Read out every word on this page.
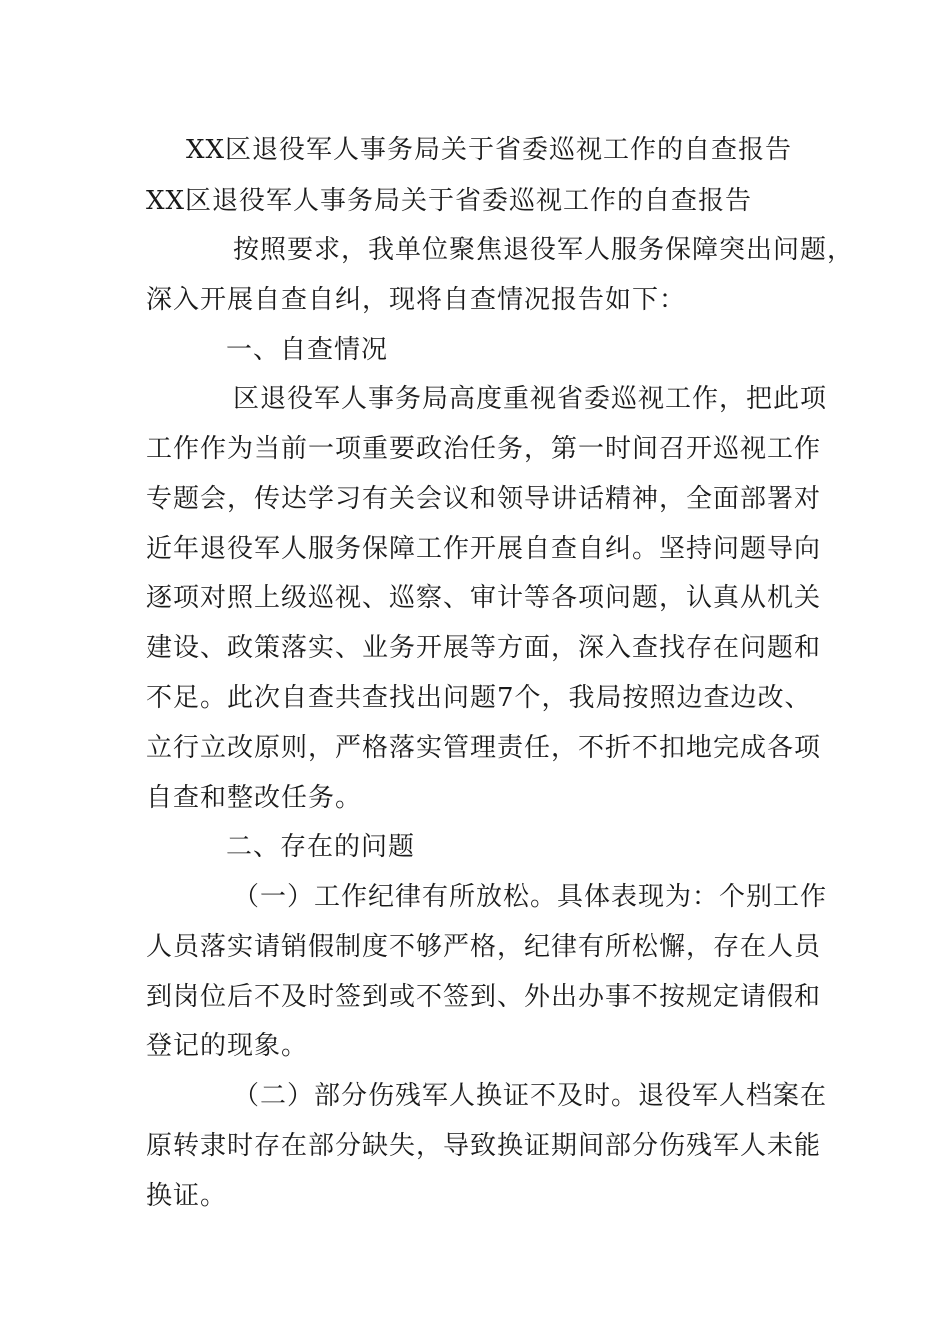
XX区退役军人事务局关于省委巡视工作的自查报告
XX区退役军人事务局关于省委巡视工作的自查报告
按照要求，我单位聚焦退役军人服务保障突出问题，
深入开展自查自纠，现将自查情况报告如下：
一、自查情况
区退役军人事务局高度重视省委巡视工作，把此项
工作作为当前一项重要政治任务，第一时间召开巡视工作
专题会，传达学习有关会议和领导讲话精神，全面部署对
近年退役军人服务保障工作开展自查自纠。坚持问题导向
逐项对照上级巡视、巡察、审计等各项问题，认真从机关
建设、政策落实、业务开展等方面，深入查找存在问题和
不足。此次自查共查找出问题7个，我局按照边查边改、
立行立改原则，严格落实管理责任，不折不扣地完成各项
自查和整改任务。
二、存在的问题
（一）工作纪律有所放松。具体表现为：个别工作
人员落实请销假制度不够严格，纪律有所松懈，存在人员
到岗位后不及时签到或不签到、外出办事不按规定请假和
登记的现象。
（二）部分伤残军人换证不及时。退役军人档案在
原转隶时存在部分缺失，导致换证期间部分伤残军人未能
换证。
